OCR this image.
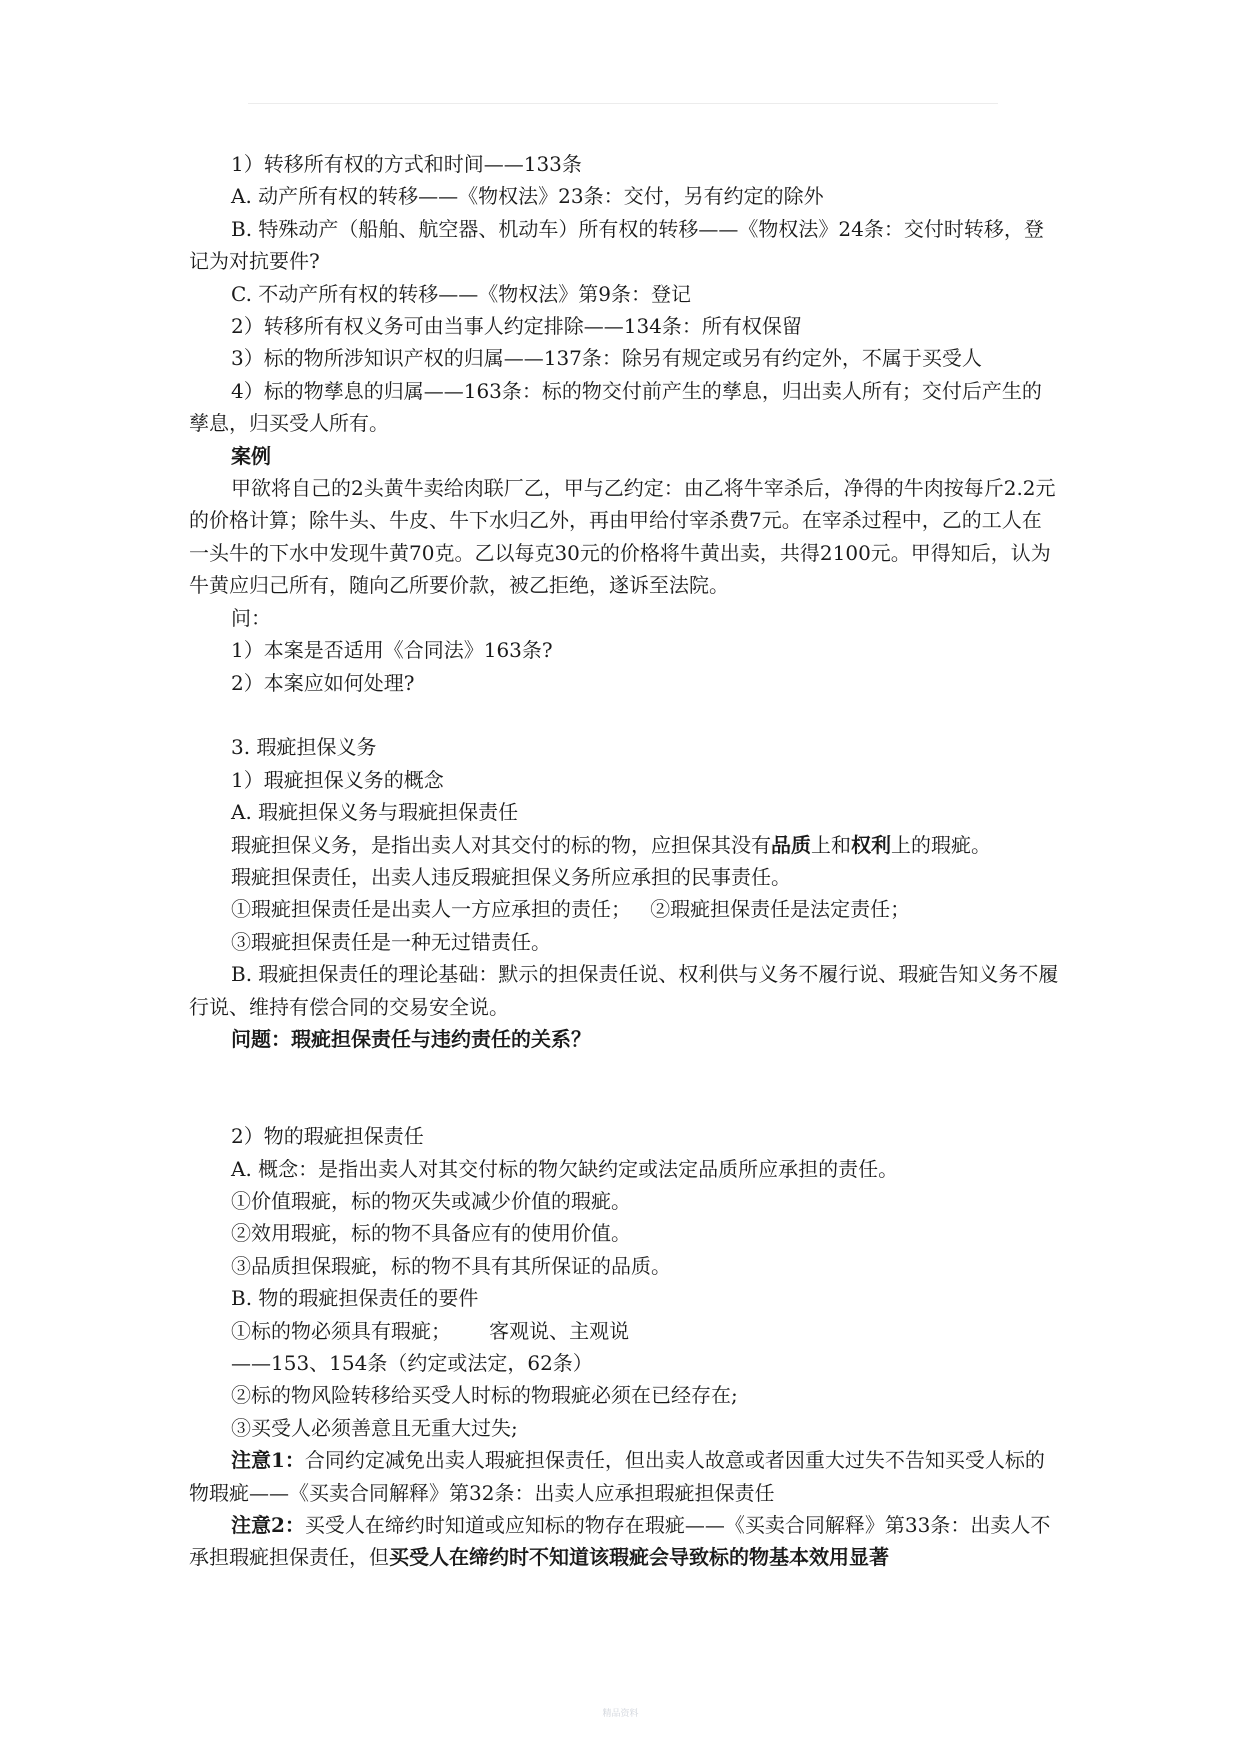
1）转移所有权的方式和时间——133条

A. 动产所有权的转移——《物权法》23条：交付，另有约定的除外

B. 特殊动产（船舶、航空器、机动车）所有权的转移——《物权法》24条：交付时转移，登记为对抗要件?

C. 不动产所有权的转移——《物权法》第9条：登记

2）转移所有权义务可由当事人约定排除——134条：所有权保留

3）标的物所涉知识产权的归属——137条：除另有规定或另有约定外，不属于买受人

4）标的物孳息的归属——163条：标的物交付前产生的孳息，归出卖人所有；交付后产生的孳息，归买受人所有。

案例

甲欲将自己的2头黄牛卖给肉联厂乙，甲与乙约定：由乙将牛宰杀后，净得的牛肉按每斤2.2元的价格计算；除牛头、牛皮、牛下水归乙外，再由甲给付宰杀费7元。在宰杀过程中，乙的工人在一头牛的下水中发现牛黄70克。乙以每克30元的价格将牛黄出卖，共得2100元。甲得知后，认为牛黄应归己所有，随向乙所要价款，被乙拒绝，遂诉至法院。

问：

1）本案是否适用《合同法》163条?

2）本案应如何处理?

3. 瑕疵担保义务

1）瑕疵担保义务的概念

A. 瑕疵担保义务与瑕疵担保责任

瑕疵担保义务，是指出卖人对其交付的标的物，应担保其没有品质上和权利上的瑕疵。

瑕疵担保责任，出卖人违反瑕疵担保义务所应承担的民事责任。

①瑕疵担保责任是出卖人一方应承担的责任；   ②瑕疵担保责任是法定责任；

③瑕疵担保责任是一种无过错责任。

B. 瑕疵担保责任的理论基础：默示的担保责任说、权利供与义务不履行说、瑕疵告知义务不履行说、维持有偿合同的交易安全说。

问题：瑕疵担保责任与违约责任的关系？

2）物的瑕疵担保责任

A. 概念：是指出卖人对其交付标的物欠缺约定或法定品质所应承担的责任。

①价值瑕疵，标的物灭失或减少价值的瑕疵。

②效用瑕疵，标的物不具备应有的使用价值。

③品质担保瑕疵，标的物不具有其所保证的品质。

B. 物的瑕疵担保责任的要件

①标的物必须具有瑕疵；      客观说、主观说

——153、154条（约定或法定，62条）

②标的物风险转移给买受人时标的物瑕疵必须在已经存在;

③买受人必须善意且无重大过失;

注意1：合同约定减免出卖人瑕疵担保责任，但出卖人故意或者因重大过失不告知买受人标的物瑕疵——《买卖合同解释》第32条：出卖人应承担瑕疵担保责任

注意2：买受人在缔约时知道或应知标的物存在瑕疵——《买卖合同解释》第33条：出卖人不承担瑕疵担保责任，但买受人在缔约时不知道该瑕疵会导致标的物基本效用显著

精品资料
